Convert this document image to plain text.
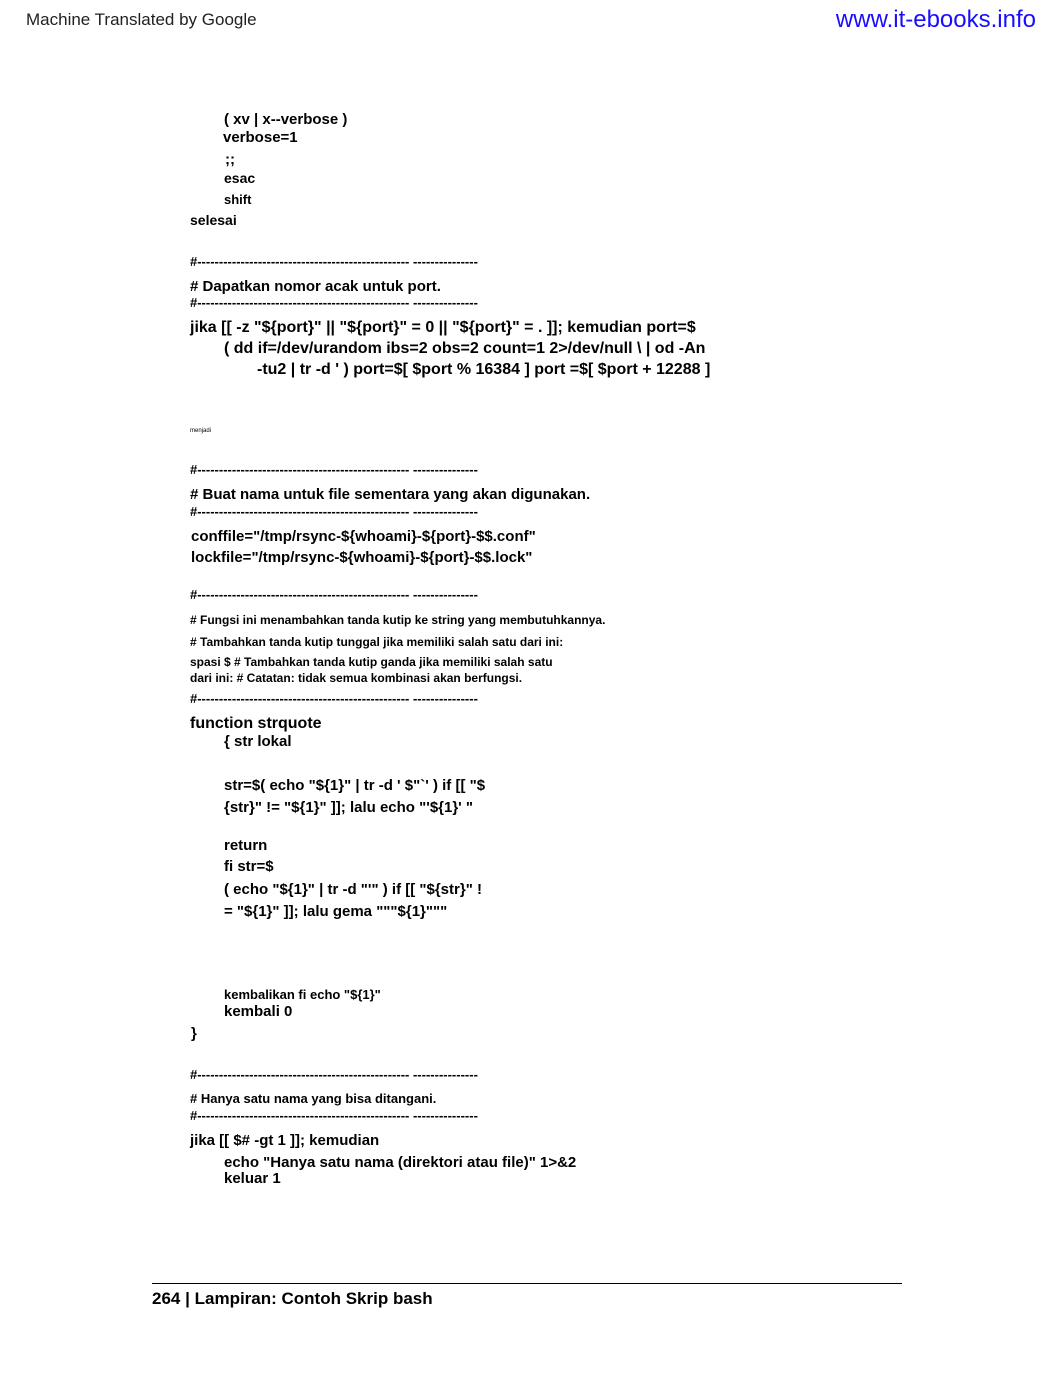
Machine Translated by Google	www.it-ebooks.info
( xv | x--verbose )
verbose=1
;;
esac
shift
selesai
#------------------------------------------------- ---------------
# Dapatkan nomor acak untuk port.
#------------------------------------------------- ---------------
jika [[ -z "${port}" || "${port}" = 0 || "${port}" = . ]]; kemudian port=$
( dd if=/dev/urandom ibs=2 obs=2 count=1 2>/dev/null \ | od -An
-tu2 | tr -d ' ) port=$[ $port % 16384 ] port =$[ $port + 12288 ]
menjadi
#------------------------------------------------- ---------------
# Buat nama untuk file sementara yang akan digunakan.
#------------------------------------------------- ---------------
conffile="/tmp/rsync-${whoami}-${port}-$$.conf"
lockfile="/tmp/rsync-${whoami}-${port}-$$.lock"
#------------------------------------------------- ---------------
# Fungsi ini menambahkan tanda kutip ke string yang membutuhkannya.
# Tambahkan tanda kutip tunggal jika memiliki salah satu dari ini:
spasi $ # Tambahkan tanda kutip ganda jika memiliki salah satu
dari ini: # Catatan: tidak semua kombinasi akan berfungsi.
#------------------------------------------------- ---------------
function strquote
{ str lokal
str=$( echo "${1}" | tr -d ' $"`' ) if [[ "$
{str}" != "${1}" ]]; lalu echo "'${1}' "
return
fi str=$
( echo "${1}" | tr -d "'" ) if [[ "${str}" !
= "${1}" ]]; lalu gema """${1}"""
kembalikan fi echo "${1}"
kembali 0
}
#------------------------------------------------- ---------------
# Hanya satu nama yang bisa ditangani.
#------------------------------------------------- ---------------
jika [[ $# -gt 1 ]]; kemudian
echo "Hanya satu nama (direktori atau file)" 1>&2
keluar 1
264 | Lampiran: Contoh Skrip bash
